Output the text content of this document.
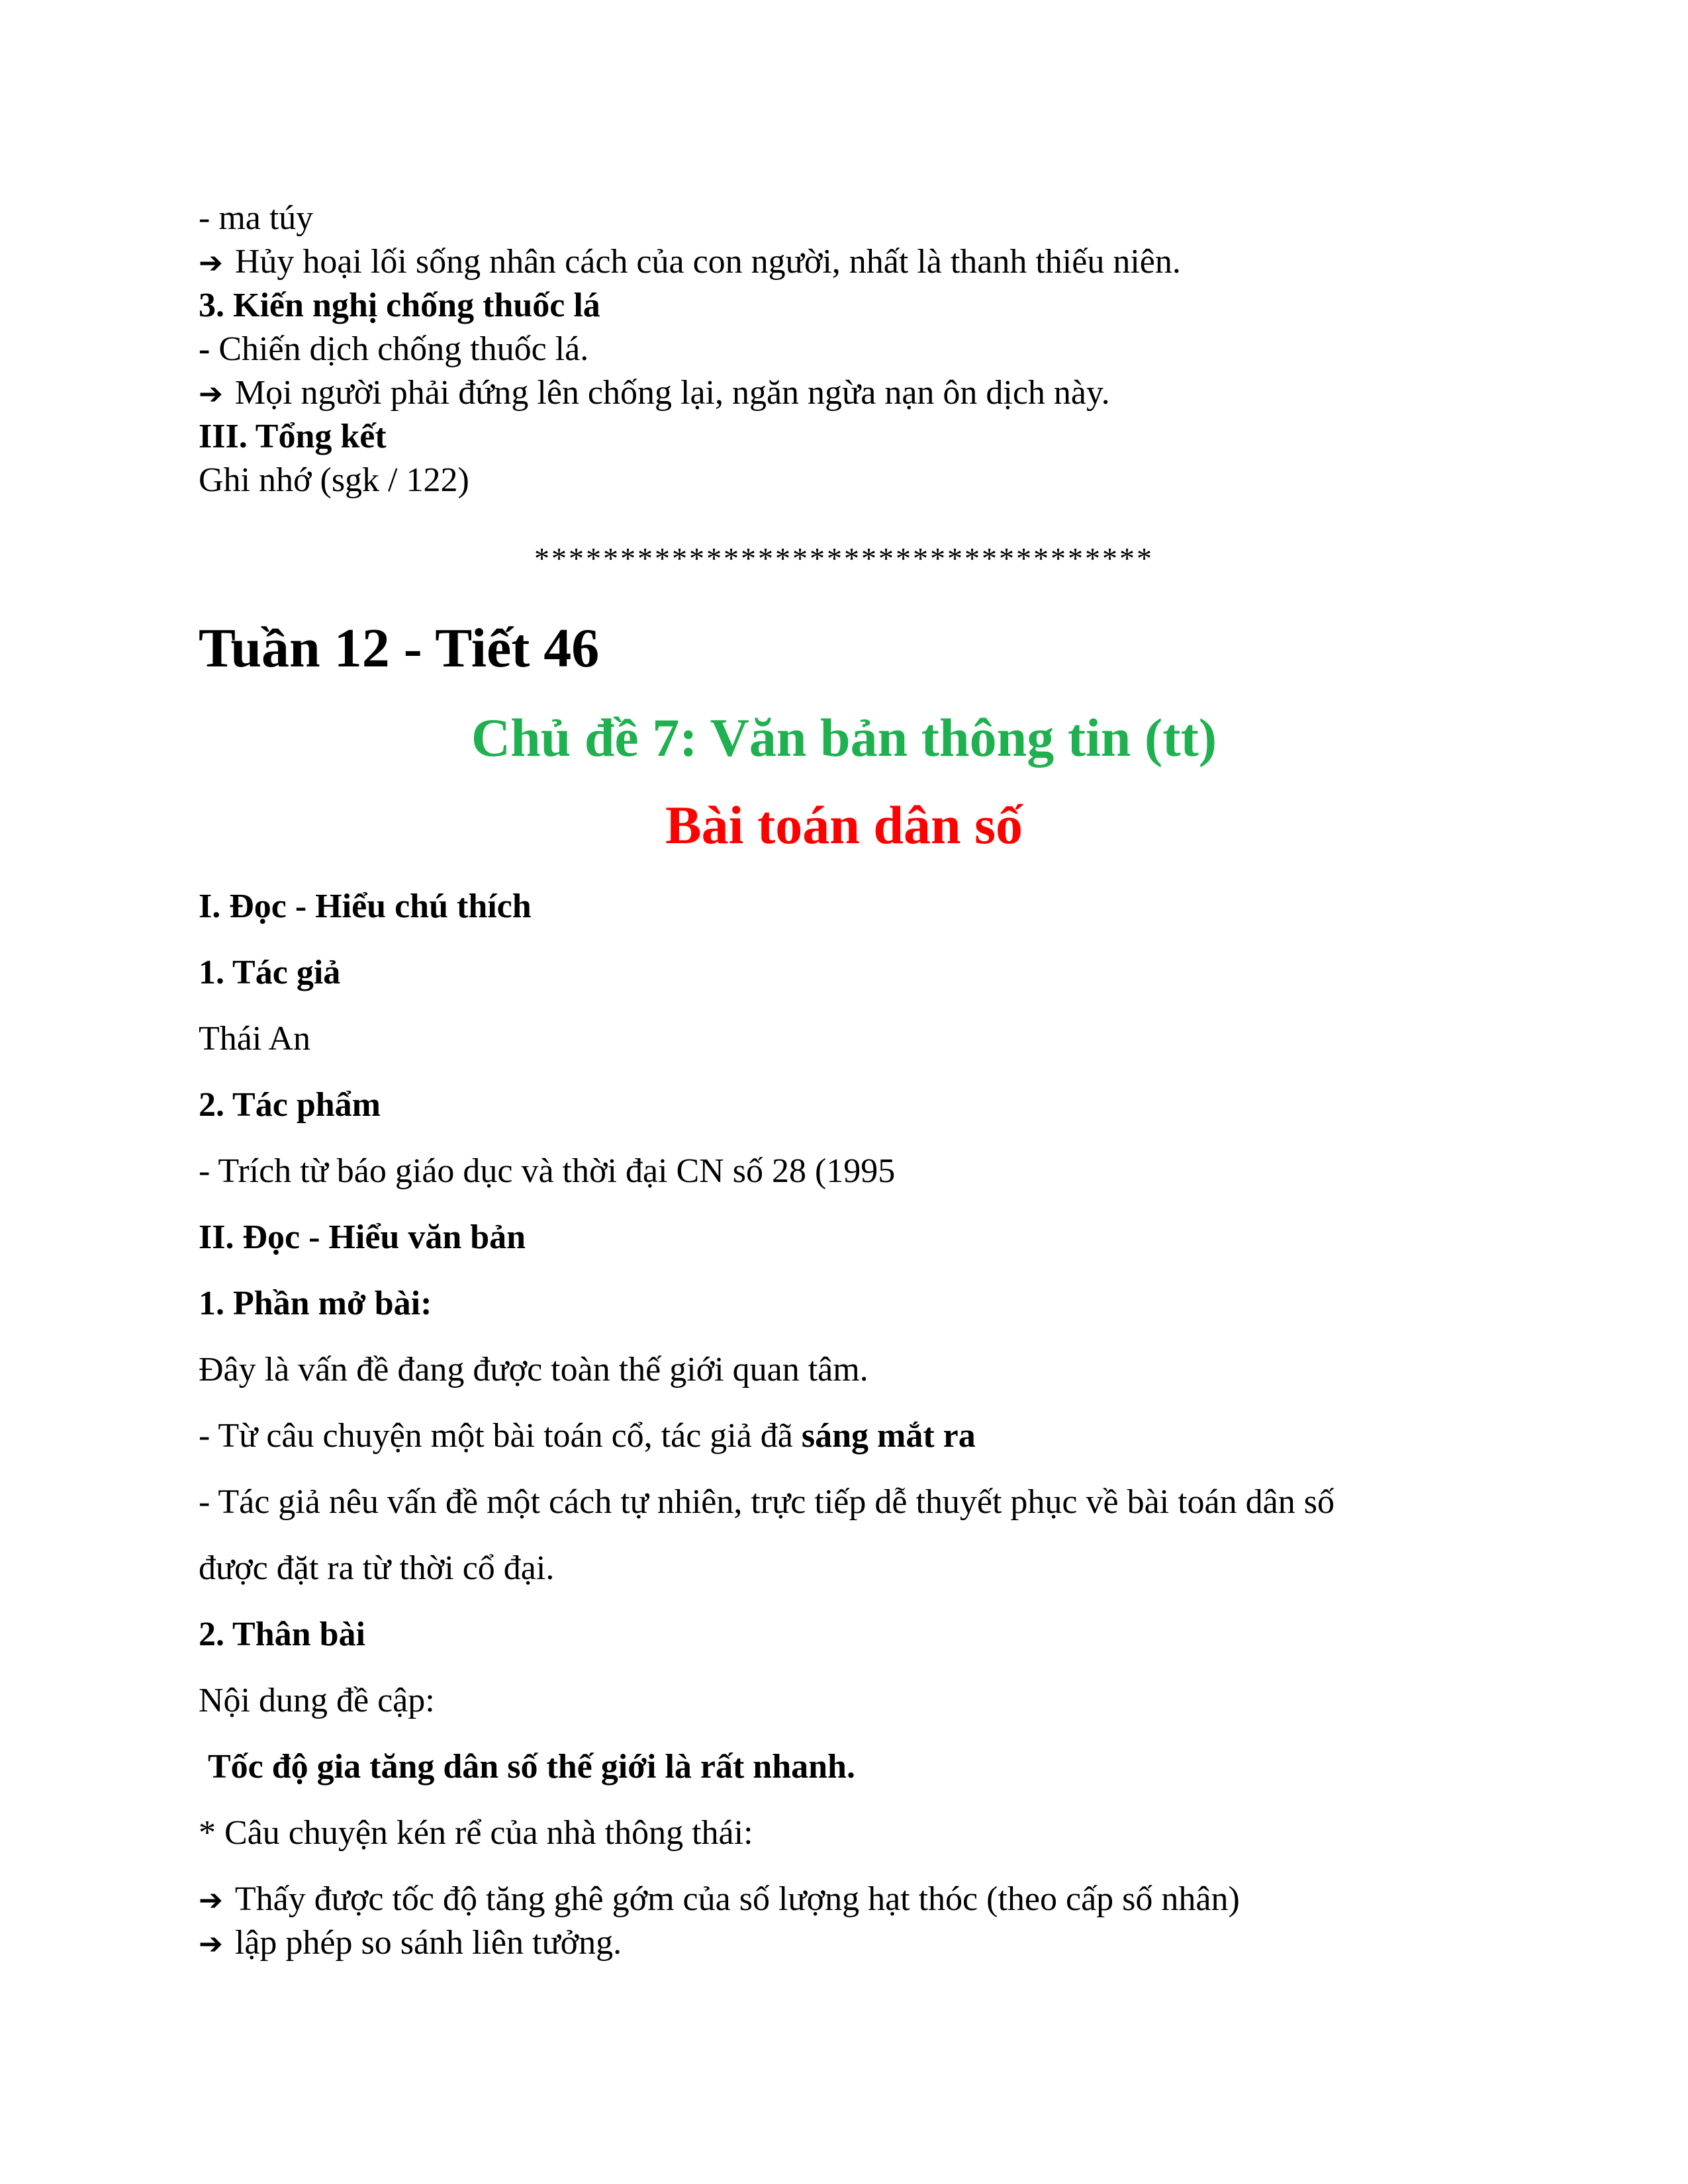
- ma túy
➔ Hủy hoại lối sống nhân cách của con người, nhất là thanh thiếu niên.
3. Kiến nghị chống thuốc lá
- Chiến dịch chống thuốc lá.
➔ Mọi người phải đứng lên chống lại, ngăn ngừa nạn ôn dịch này.
III. Tổng kết
Ghi nhớ (sgk / 122)
************************************
Tuần 12 - Tiết 46
Chủ đề 7: Văn bản thông tin (tt)
Bài toán dân số
I. Đọc - Hiểu chú thích
1. Tác giả
Thái An
2. Tác phẩm
- Trích từ báo giáo dục và thời đại CN số 28 (1995
II. Đọc - Hiểu văn bản
1. Phần mở bài:
Đây là vấn đề đang được toàn thế giới quan tâm.
- Từ câu chuyện một bài toán cổ, tác giả đã sáng mắt ra
- Tác giả nêu vấn đề một cách tự nhiên, trực tiếp dễ thuyết phục về bài toán dân số
được đặt ra từ thời cổ đại.
2. Thân bài
Nội dung đề cập:
Tốc độ gia tăng dân số thế giới là rất nhanh.
* Câu chuyện kén rể của nhà thông thái:
➔ Thấy được tốc độ tăng ghê gớm của số lượng hạt thóc (theo cấp số nhân)
➔ lập phép so sánh liên tưởng.
